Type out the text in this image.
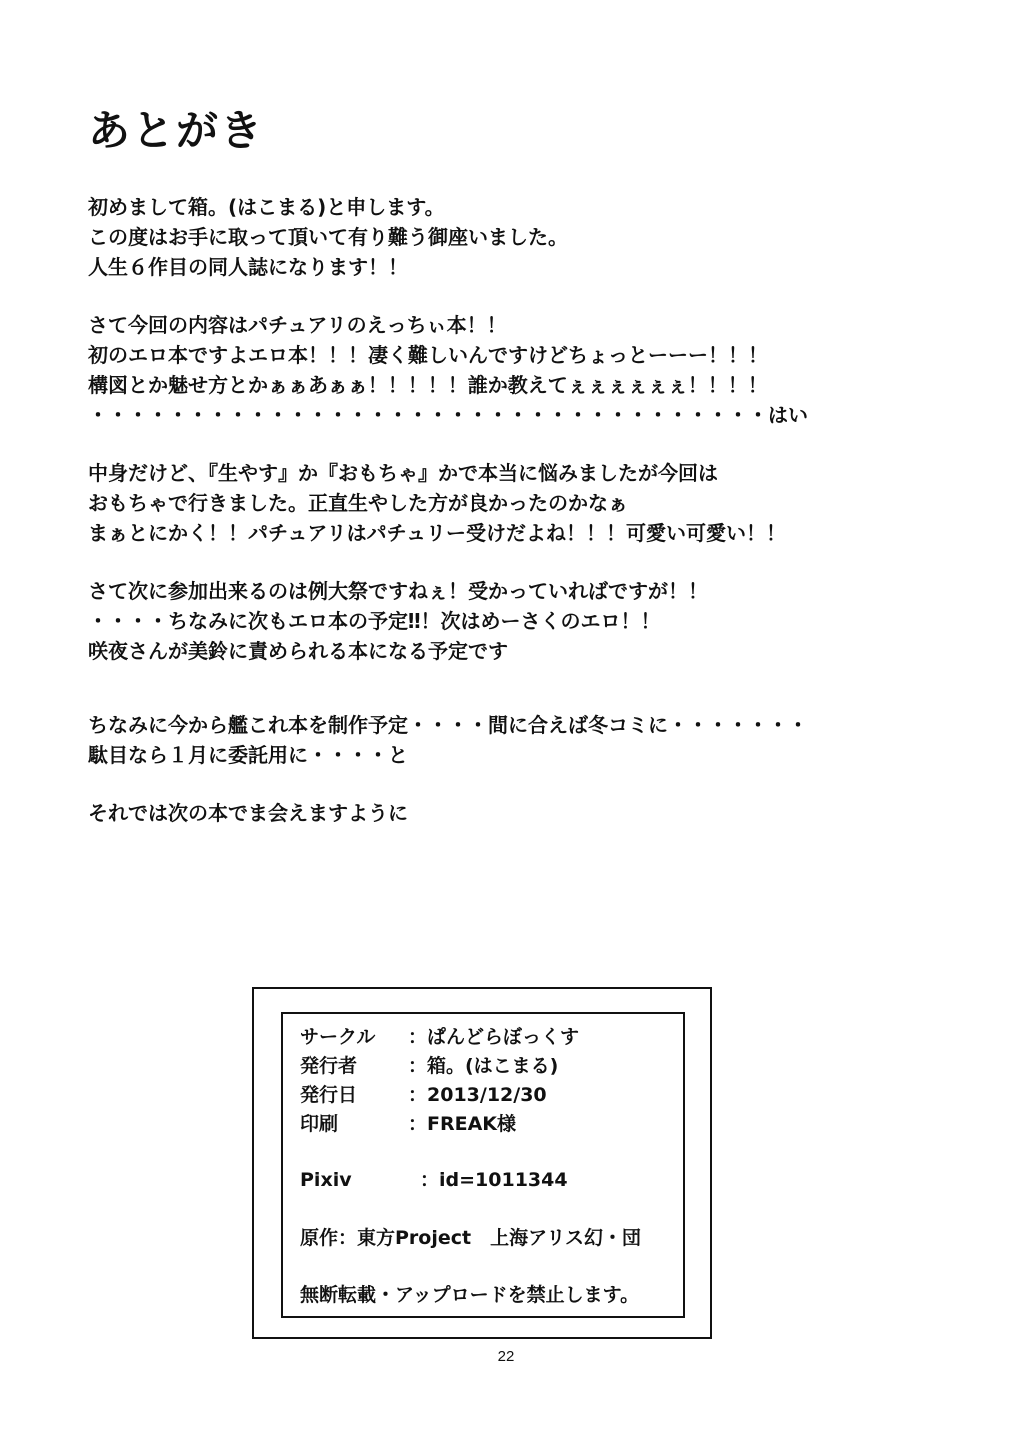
あとがき
初めまして箱。(はこまる)と申します。
この度はお手に取って頂いて有り難う御座いました。
人生６作目の同人誌になります！！
さて今回の内容はパチュアリのえっちぃ本！！
初のエロ本ですよエロ本！！！凄く難しいんですけどちょっとーーー！！！
構図とか魅せ方とかぁぁあぁぁ！！！！！誰か教えてぇぇぇぇぇぇ！！！！
・・・・・・・・・・・・・・・・・・・・・・・・・・・・・・・・・・はい
中身だけど、『生やす』か『おもちゃ』かで本当に悩みましたが今回は
おもちゃで行きました。正直生やした方が良かったのかなぁ
まぁとにかく！！パチュアリはパチュリー受けだよね！！！可愛い可愛い！！
さて次に参加出来るのは例大祭ですねぇ！受かっていればですが！！
・・・・ちなみに次もエロ本の予定‼！次はめーさくのエロ！！
咲夜さんが美鈴に責められる本になる予定です
ちなみに今から艦これ本を制作予定・・・・間に合えば冬コミに・・・・・・・
駄目なら１月に委託用に・・・・と
それでは次の本でま会えますように
サークル ：ぱんどらぼっくす
発行者	：箱。(はこまる)
発行日	：2013/12/30
印刷	：FREAK様
Pixiv	：id=1011344
原作：東方Project　上海アリス幻・団
無断転載・アップロードを禁止します。
22
